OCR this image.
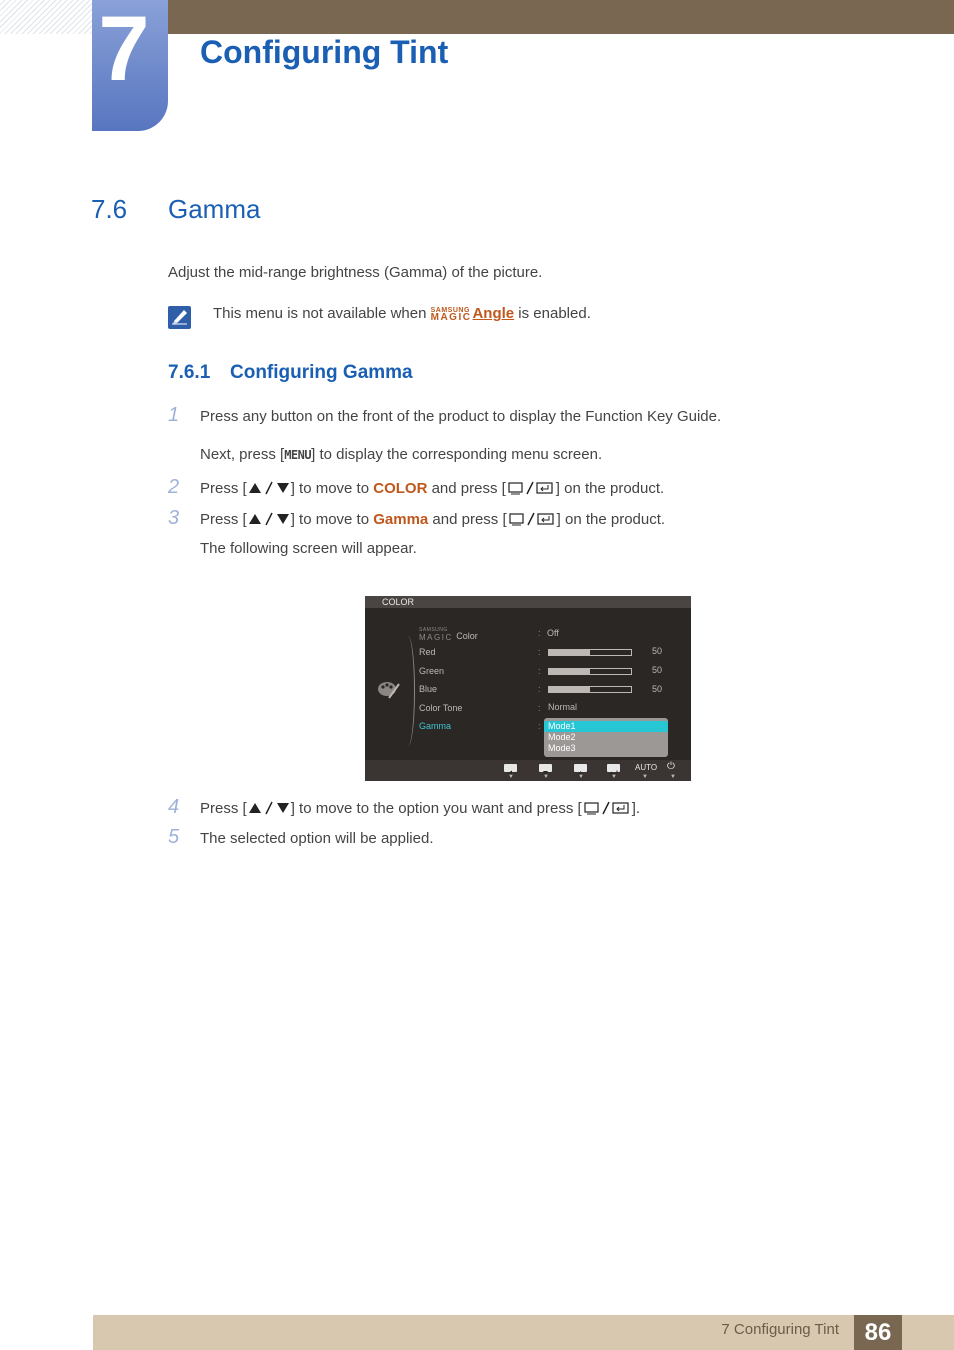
7 Configuring Tint
7.6 Gamma
Adjust the mid-range brightness (Gamma) of the picture.
This menu is not available when SAMSUNG
MAGIC Angle is enabled.
7.6.1 Configuring Gamma
1 Press any button on the front of the product to display the Function Key Guide.
Next, press [MENU] to display the corresponding menu screen.
2 Press [	] to move to COLOR and press [	] on the product.
3 Press [	] to move to Gamma and press [	] on the product.
The following screen will appear.
COLOR
SAMSUNG
MAGIC Color	: Off
Red	:	50
Green	:	50
Blue	:	50
Color Tone	: Normal
Gamma	: Mode1
Mode2
Mode3
▼	▼	▼	▼
AUTO
▼
⏻
▼
4 Press [	] to move to the option you want and press [	].
5 The selected option will be applied.
7 Configuring Tint	86
